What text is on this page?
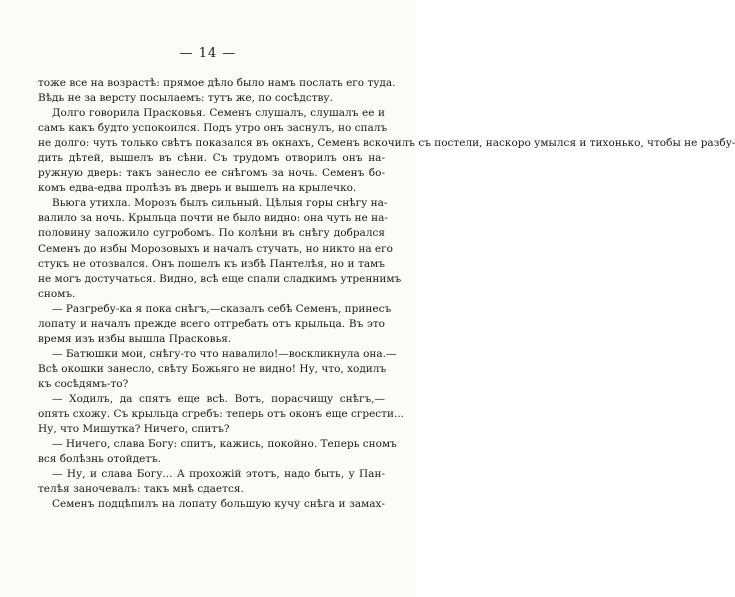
— 14 —
тоже все на возрастѣ: прямое дѣло было намъ послать его туда.
Вѣдь не за версту посылаемъ: тутъ же, по сосѣдству.
Долго говорила Прасковья. Семенъ слушалъ, слушалъ ее и
самъ какъ будто успокоился. Подъ утро онъ заснулъ, но спалъ
не долго: чуть только свѣтъ показался въ окнахъ, Семенъ вскочилъ съ постели, наскоро умылся и тихонько, чтобы не разбу-
дить дѣтей, вышелъ въ сѣни. Съ трудомъ отворилъ онъ на-
ружную дверь: такъ занесло ее снѣгомъ за ночь. Семенъ бо-
комъ едва-едва пролѣзъ въ дверь и вышелъ на крылечко.
Вьюга утихла. Морозъ былъ сильный. Цѣлыя горы снѣгу на-
валило за ночь. Крыльца почти не было видно: она чуть не на-
половину заложило сугробомъ. По колѣни въ снѣгу добрался
Семенъ до избы Морозовыхъ и началъ стучать, но никто на его
стукъ не отозвался. Онъ пошелъ къ избѣ Пантелѣя, но и тамъ
не могъ достучаться. Видно, всѣ еще спали сладкимъ утреннимъ
сномъ.
— Разгребу-ка я пока снѣгъ,—сказалъ себѣ Семенъ, принесъ
лопату и началъ прежде всего отгребать отъ крыльца. Въ это
время изъ избы вышла Прасковья.
— Батюшки мои, снѣгу-то что навалило!—воскликнула она.—
Всѣ окошки занесло, свѣту Божьяго не видно! Ну, что, ходилъ
къ сосѣдямъ-то?
— Ходилъ, да спятъ еще всѣ. Вотъ, порасчищу снѣгъ,—
опять схожу. Съ крыльца сгребъ: теперь отъ оконъ еще сгрести...
Ну, что Мишутка? Ничего, спитъ?
— Ничего, слава Богу: спитъ, кажись, покойно. Теперь сномъ
вся болѣзнь отойдетъ.
— Ну, и слава Богу... А прохожій этотъ, надо быть, у Пан-
телѣя заночевалъ: такъ мнѣ сдается.
Семенъ подцѣпилъ на лопату большую кучу снѣга и замах-
